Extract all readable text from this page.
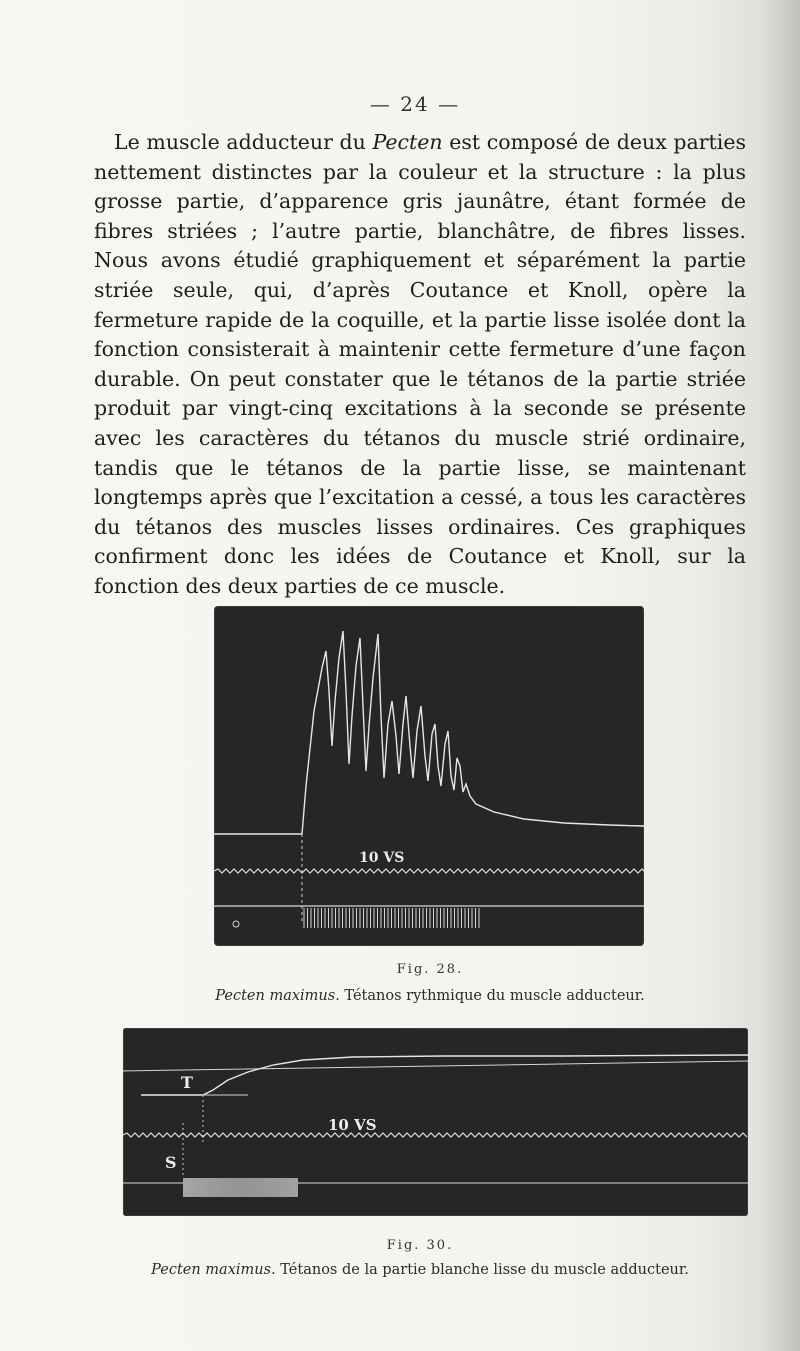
— 24 —

Le muscle adducteur du Pecten est composé de deux parties nettement distinctes par la couleur et la structure : la plus grosse partie, d’apparence gris jaunâtre, étant formée de fibres striées ; l’autre partie, blanchâtre, de fibres lisses. Nous avons étudié graphiquement et séparément la partie striée seule, qui, d’après Coutance et Knoll, opère la fermeture rapide de la coquille, et la partie lisse isolée dont la fonction consisterait à maintenir cette fermeture d’une façon durable. On peut constater que le tétanos de la partie striée produit par vingt-cinq excitations à la seconde se présente avec les caractères du tétanos du muscle strié ordinaire, tandis que le tétanos de la partie lisse, se maintenant longtemps après que l’excitation a cessé, a tous les caractères du tétanos des muscles lisses ordinaires. Ces graphiques confirment donc les idées de Coutance et Knoll, sur la fonction des deux parties de ce muscle.

10 VS
Fig. 28.
Pecten maximus. Tétanos rythmique du muscle adducteur.
T
S
10 VS
Fig. 30.
Pecten maximus. Tétanos de la partie blanche lisse du muscle adducteur.
